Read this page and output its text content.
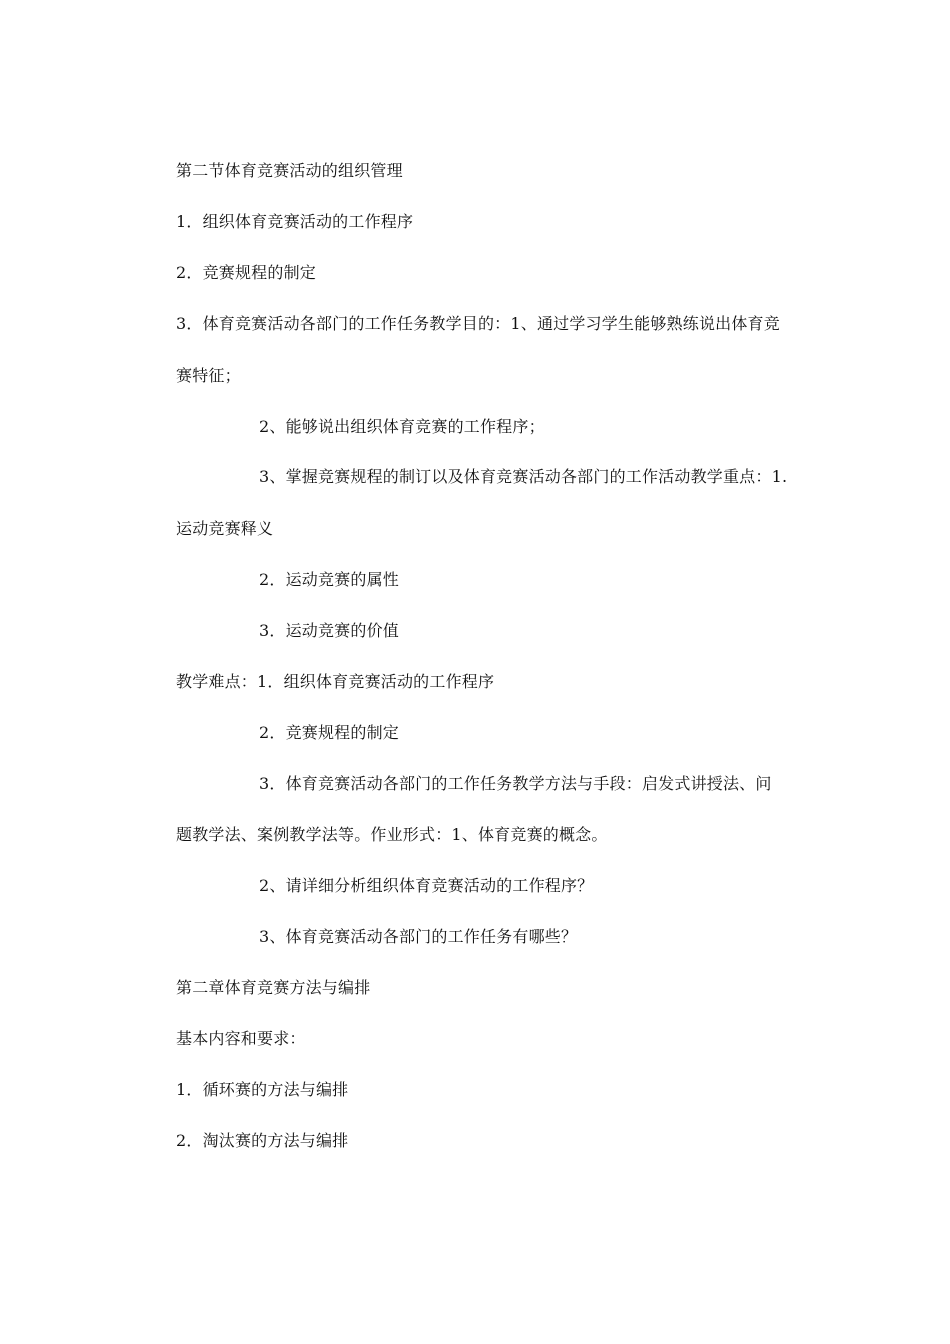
第二节体育竞赛活动的组织管理
1．组织体育竞赛活动的工作程序
2．竞赛规程的制定
3．体育竞赛活动各部门的工作任务教学目的：1、通过学习学生能够熟练说出体育竞
赛特征；
2、能够说出组织体育竞赛的工作程序；
3、掌握竞赛规程的制订以及体育竞赛活动各部门的工作活动教学重点：1.
运动竞赛释义
2．运动竞赛的属性
3．运动竞赛的价值
教学难点：1．组织体育竞赛活动的工作程序
2．竞赛规程的制定
3．体育竞赛活动各部门的工作任务教学方法与手段：启发式讲授法、问
题教学法、案例教学法等。作业形式：1、体育竞赛的概念。
2、请详细分析组织体育竞赛活动的工作程序？
3、体育竞赛活动各部门的工作任务有哪些？
第二章体育竞赛方法与编排
基本内容和要求：
1．循环赛的方法与编排
2．淘汰赛的方法与编排
